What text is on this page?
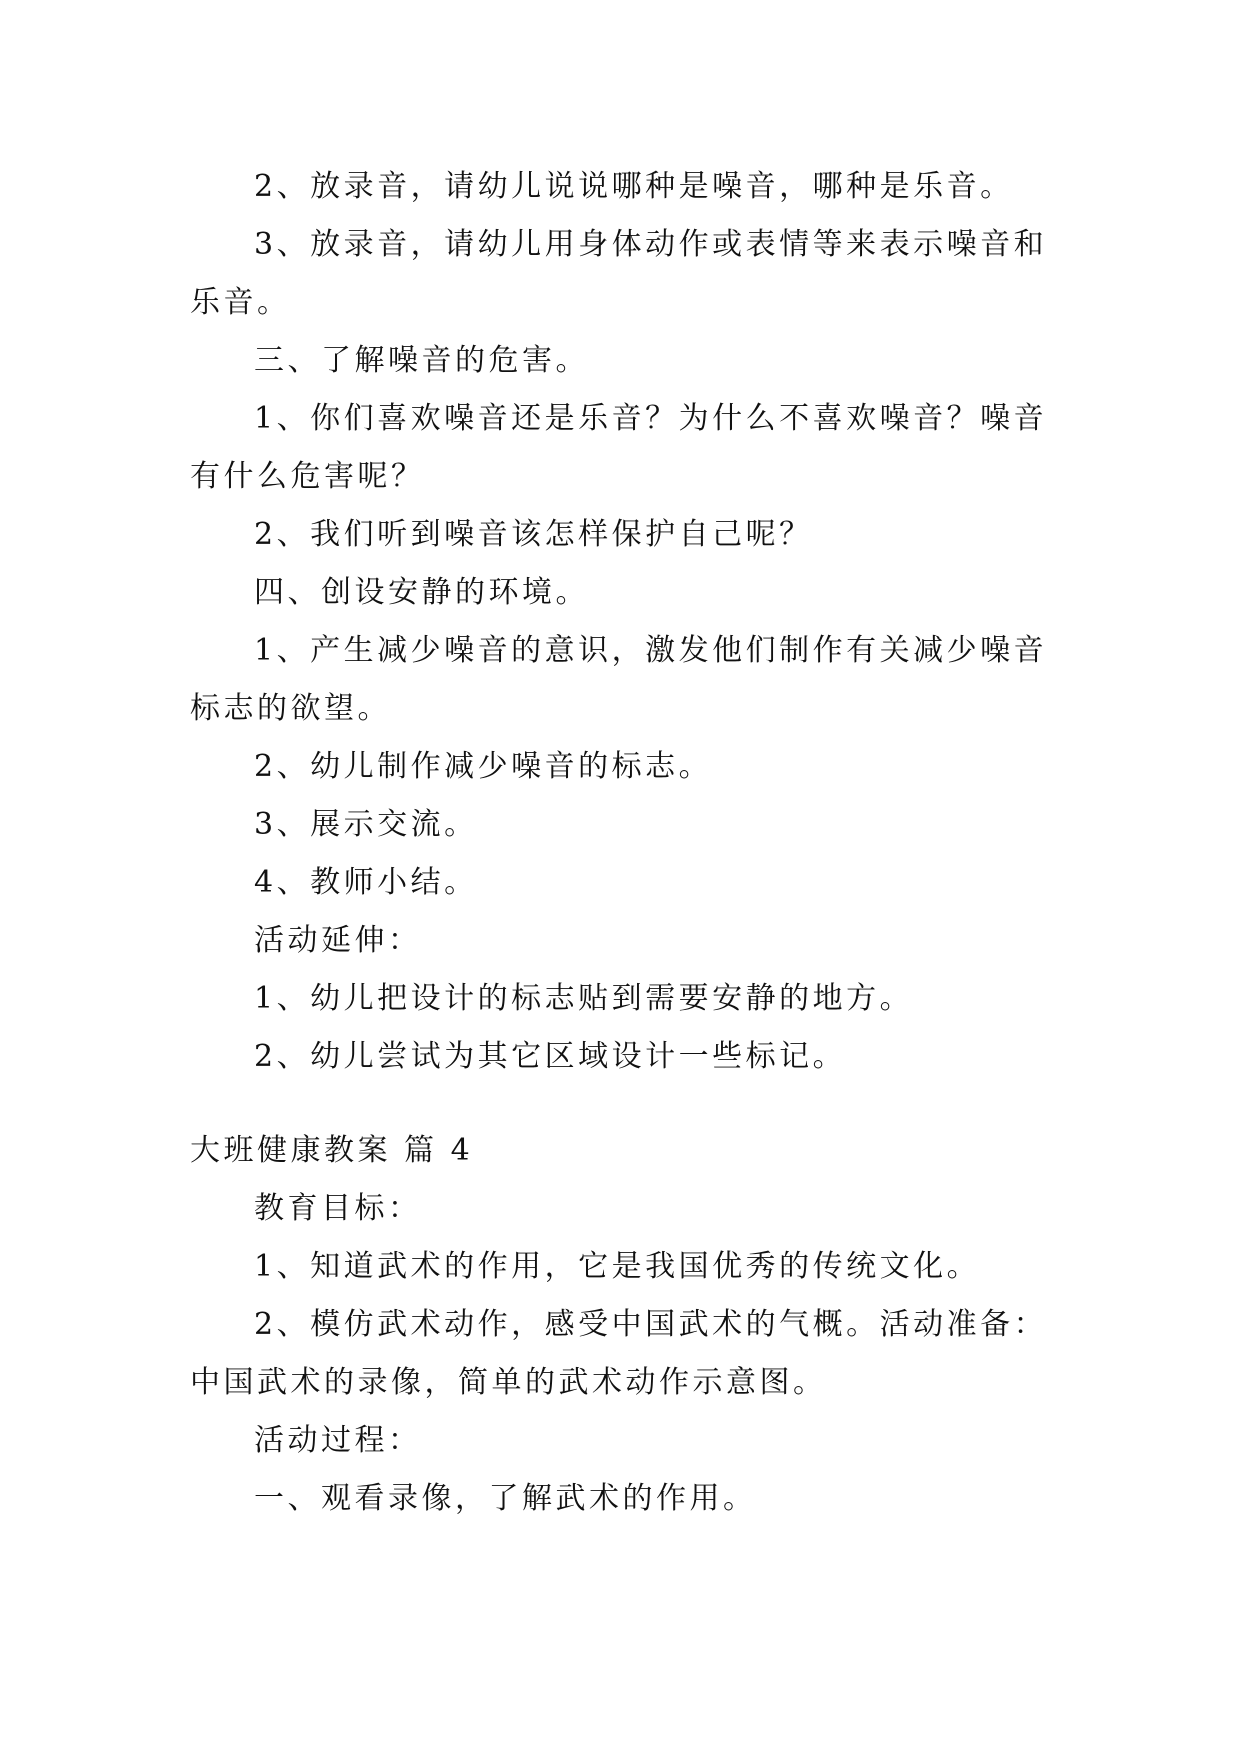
2、放录音，请幼儿说说哪种是噪音，哪种是乐音。

3、放录音，请幼儿用身体动作或表情等来表示噪音和乐音。

三、了解噪音的危害。

1、你们喜欢噪音还是乐音？为什么不喜欢噪音？噪音有什么危害呢？

2、我们听到噪音该怎样保护自己呢？

四、创设安静的环境。

1、产生减少噪音的意识，激发他们制作有关减少噪音标志的欲望。

2、幼儿制作减少噪音的标志。

3、展示交流。

4、教师小结。

活动延伸：

1、幼儿把设计的标志贴到需要安静的地方。

2、幼儿尝试为其它区域设计一些标记。

大班健康教案 篇 4

教育目标：

1、知道武术的作用，它是我国优秀的传统文化。

2、模仿武术动作，感受中国武术的气概。活动准备：中国武术的录像，简单的武术动作示意图。

活动过程：

一、观看录像，了解武术的作用。
